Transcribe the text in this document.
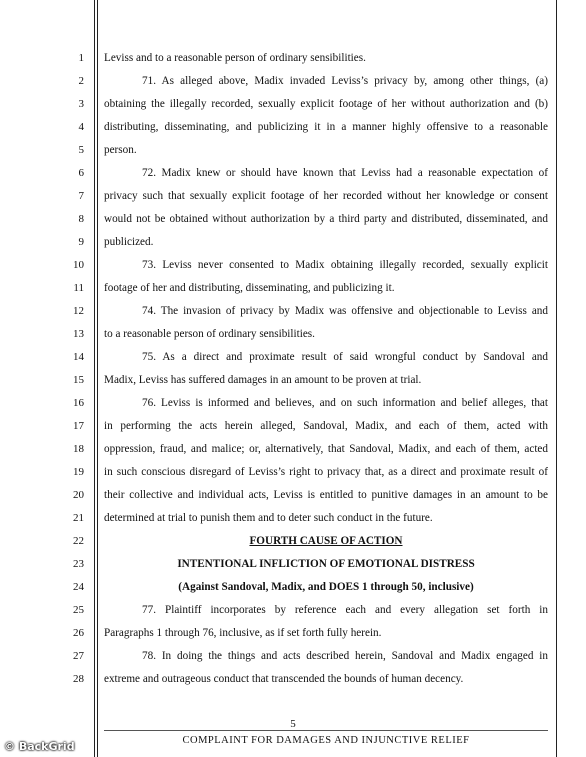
1 Leviss and to a reasonable person of ordinary sensibilities.
2	71. As alleged above, Madix invaded Leviss’s privacy by, among other things, (a)
3 obtaining the illegally recorded, sexually explicit footage of her without authorization and (b)
4 distributing, disseminating, and publicizing it in a manner highly offensive to a reasonable
5 person.
6	72. Madix knew or should have known that Leviss had a reasonable expectation of
7 privacy such that sexually explicit footage of her recorded without her knowledge or consent
8 would not be obtained without authorization by a third party and distributed, disseminated, and
9 publicized.
10	73. Leviss never consented to Madix obtaining illegally recorded, sexually explicit
11 footage of her and distributing, disseminating, and publicizing it.
12	74. The invasion of privacy by Madix was offensive and objectionable to Leviss and
13 to a reasonable person of ordinary sensibilities.
14	75. As a direct and proximate result of said wrongful conduct by Sandoval and
15 Madix, Leviss has suffered damages in an amount to be proven at trial.
16	76. Leviss is informed and believes, and on such information and belief alleges, that
17 in performing the acts herein alleged, Sandoval, Madix, and each of them, acted with
18 oppression, fraud, and malice; or, alternatively, that Sandoval, Madix, and each of them, acted
19 in such conscious disregard of Leviss’s right to privacy that, as a direct and proximate result of
20 their collective and individual acts, Leviss is entitled to punitive damages in an amount to be
21 determined at trial to punish them and to deter such conduct in the future.
22	FOURTH CAUSE OF ACTION
23	INTENTIONAL INFLICTION OF EMOTIONAL DISTRESS
24	(Against Sandoval, Madix, and DOES 1 through 50, inclusive)
25	77. Plaintiff incorporates by reference each and every allegation set forth in
26 Paragraphs 1 through 76, inclusive, as if set forth fully herein.
27	78. In doing the things and acts described herein, Sandoval and Madix engaged in
28 extreme and outrageous conduct that transcended the bounds of human decency.
5
COMPLAINT FOR DAMAGES AND INJUNCTIVE RELIEF
© BackGrid
